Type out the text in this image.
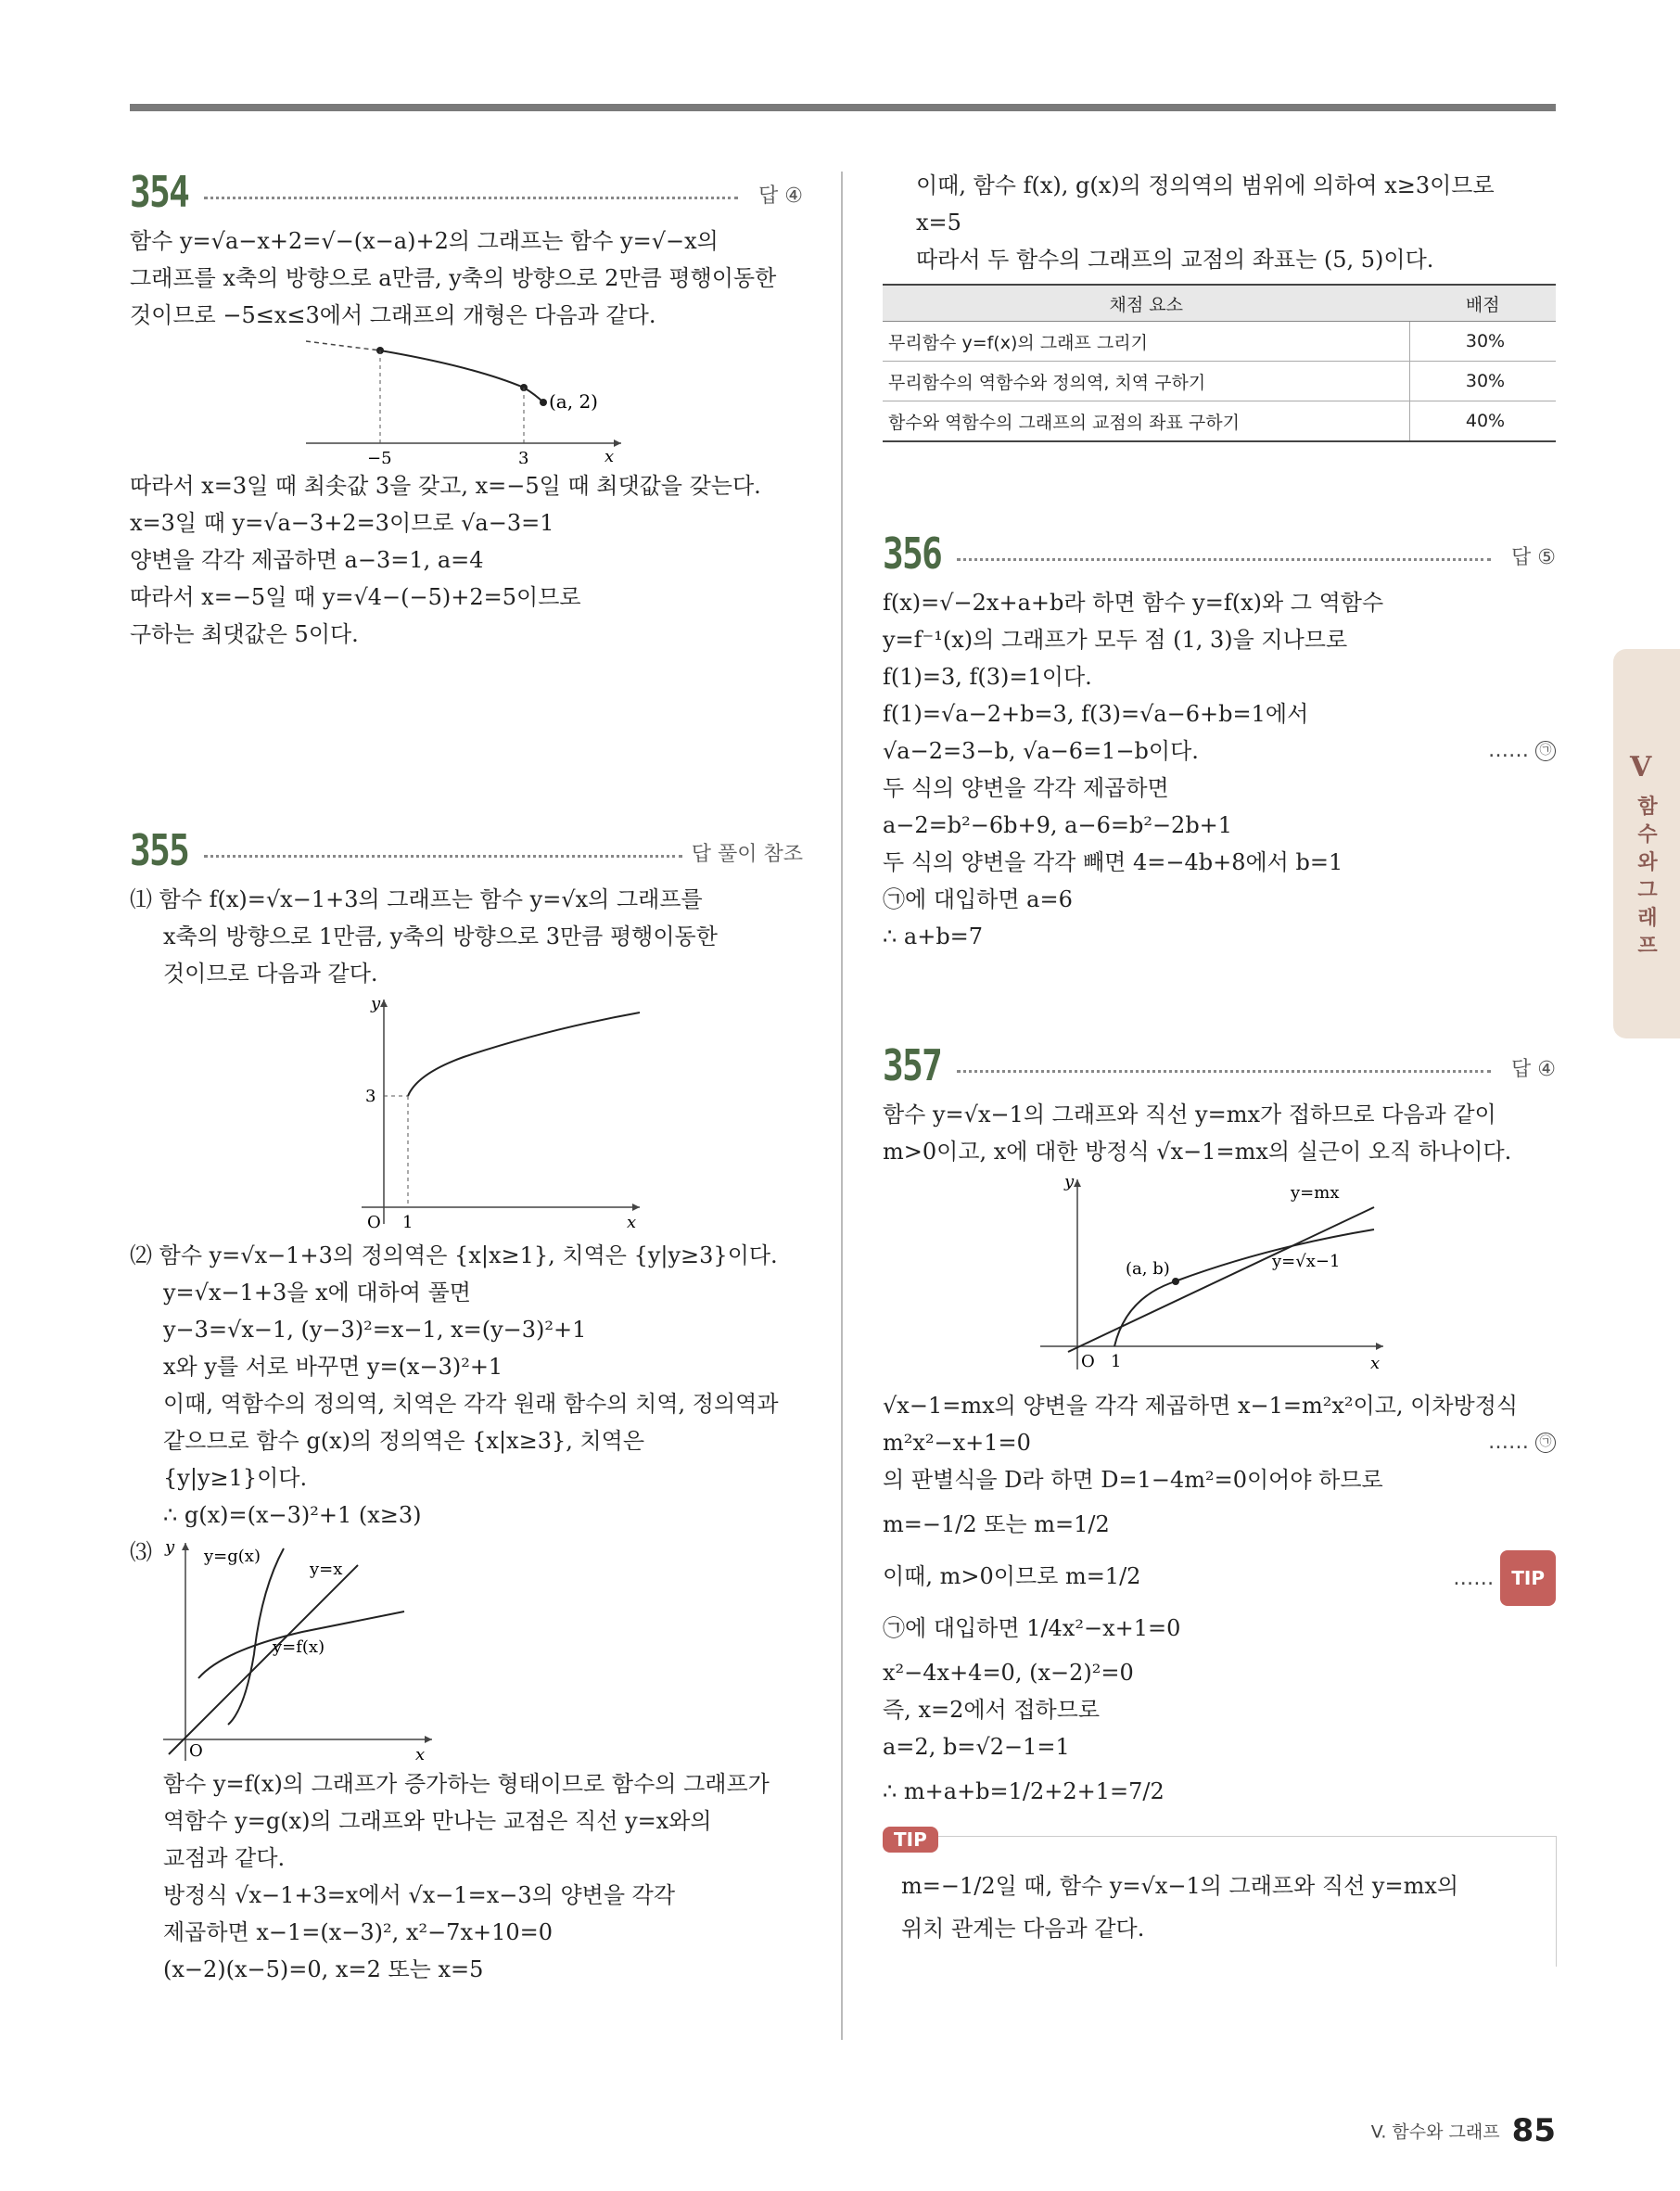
354	답 ④
함수 y=√a−x+2=√−(x−a)+2의 그래프는 함수 y=√−x의
그래프를 x축의 방향으로 a만큼, y축의 방향으로 2만큼 평행이동한
것이므로 −5≤x≤3에서 그래프의 개형은 다음과 같다.
(a, 2)
−5	3	x
따라서 x=3일 때 최솟값 3을 갖고, x=−5일 때 최댓값을 갖는다.
x=3일 때 y=√a−3+2=3이므로 √a−3=1
양변을 각각 제곱하면 a−3=1, a=4
따라서 x=−5일 때 y=√4−(−5)+2=5이므로
구하는 최댓값은 5이다.
355	답 풀이 참조
⑴ 함수 f(x)=√x−1+3의 그래프는 함수 y=√x의 그래프를
x축의 방향으로 1만큼, y축의 방향으로 3만큼 평행이동한
것이므로 다음과 같다.
y
x
O
3
1
⑵ 함수 y=√x−1+3의 정의역은 {x|x≥1}, 치역은 {y|y≥3}이다.
y=√x−1+3을 x에 대하여 풀면
y−3=√x−1, (y−3)²=x−1, x=(y−3)²+1
x와 y를 서로 바꾸면 y=(x−3)²+1
이때, 역함수의 정의역, 치역은 각각 원래 함수의 치역, 정의역과
같으므로 함수 g(x)의 정의역은 {x|x≥3}, 치역은
{y|y≥1}이다.
∴ g(x)=(x−3)²+1 (x≥3)
⑶ y
x
O
y=g(x)
y=x
y=f(x)
함수 y=f(x)의 그래프가 증가하는 형태이므로 함수의 그래프가
역함수 y=g(x)의 그래프와 만나는 교점은 직선 y=x와의
교점과 같다.
방정식 √x−1+3=x에서 √x−1=x−3의 양변을 각각
제곱하면 x−1=(x−3)², x²−7x+10=0
(x−2)(x−5)=0, x=2 또는 x=5
이때, 함수 f(x), g(x)의 정의역의 범위에 의하여 x≥3이므로
x=5
따라서 두 함수의 그래프의 교점의 좌표는 (5, 5)이다.
채점 요소	배점
무리함수 y=f(x)의 그래프 그리기	30%
무리함수의 역함수와 정의역, 치역 구하기	30%
함수와 역함수의 그래프의 교점의 좌표 구하기	40%
356	답 ⑤
f(x)=√−2x+a+b라 하면 함수 y=f(x)와 그 역함수
y=f⁻¹(x)의 그래프가 모두 점 (1, 3)을 지나므로
f(1)=3, f(3)=1이다.
f(1)=√a−2+b=3, f(3)=√a−6+b=1에서
√a−2=3−b, √a−6=1−b이다.	…… ㉠
두 식의 양변을 각각 제곱하면
a−2=b²−6b+9, a−6=b²−2b+1
두 식의 양변을 각각 빼면 4=−4b+8에서 b=1
㉠에 대입하면 a=6
∴ a+b=7
357	답 ④
함수 y=√x−1의 그래프와 직선 y=mx가 접하므로 다음과 같이
m>0이고, x에 대한 방정식 √x−1=mx의 실근이 오직 하나이다.
y
x
O 1
y=mx
y=√x−1
(a, b)
√x−1=mx의 양변을 각각 제곱하면 x−1=m²x²이고, 이차방정식
m²x²−x+1=0	…… ㉠
의 판별식을 D라 하면 D=1−4m²=0이어야 하므로
m=−1/2 또는 m=1/2
이때, m>0이므로 m=1/2	…… TIP
㉠에 대입하면 1/4x²−x+1=0
x²−4x+4=0, (x−2)²=0
즉, x=2에서 접하므로
a=2, b=√2−1=1
∴ m+a+b=1/2+2+1=7/2
TIP
m=−1/2일 때, 함수 y=√x−1의 그래프와 직선 y=mx의
위치 관계는 다음과 같다.
V
함수와그래프
V. 함수와 그래프 85
